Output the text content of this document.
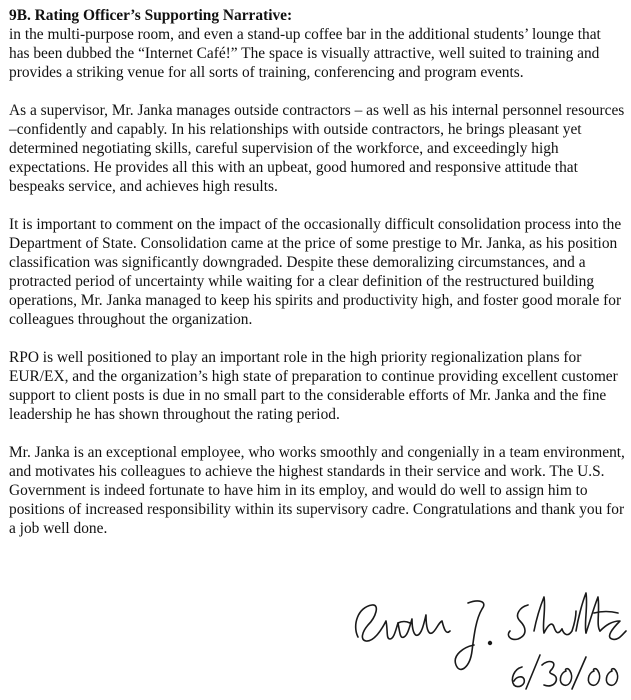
9B. Rating Officer’s Supporting Narrative:

in the multi-purpose room, and even a stand-up coffee bar in the additional students’ lounge that has been dubbed the “Internet Café!” The space is visually attractive, well suited to training and provides a striking venue for all sorts of training, conferencing and program events.

As a supervisor, Mr. Janka manages outside contractors – as well as his internal personnel resources –confidently and capably. In his relationships with outside contractors, he brings pleasant yet determined negotiating skills, careful supervision of the workforce, and exceedingly high expectations. He provides all this with an upbeat, good humored and responsive attitude that bespeaks service, and achieves high results.

It is important to comment on the impact of the occasionally difficult consolidation process into the Department of State. Consolidation came at the price of some prestige to Mr. Janka, as his position classification was significantly downgraded. Despite these demoralizing circumstances, and a protracted period of uncertainty while waiting for a clear definition of the restructured building operations, Mr. Janka managed to keep his spirits and productivity high, and foster good morale for colleagues throughout the organization.

RPO is well positioned to play an important role in the high priority regionalization plans for EUR/EX, and the organization’s high state of preparation to continue providing excellent customer support to client posts is due in no small part to the considerable efforts of Mr. Janka and the fine leadership he has shown throughout the rating period.

Mr. Janka is an exceptional employee, who works smoothly and congenially in a team environment, and motivates his colleagues to achieve the highest standards in their service and work. The U.S. Government is indeed fortunate to have him in its employ, and would do well to assign him to positions of increased responsibility within its supervisory cadre. Congratulations and thank you for a job well done.
